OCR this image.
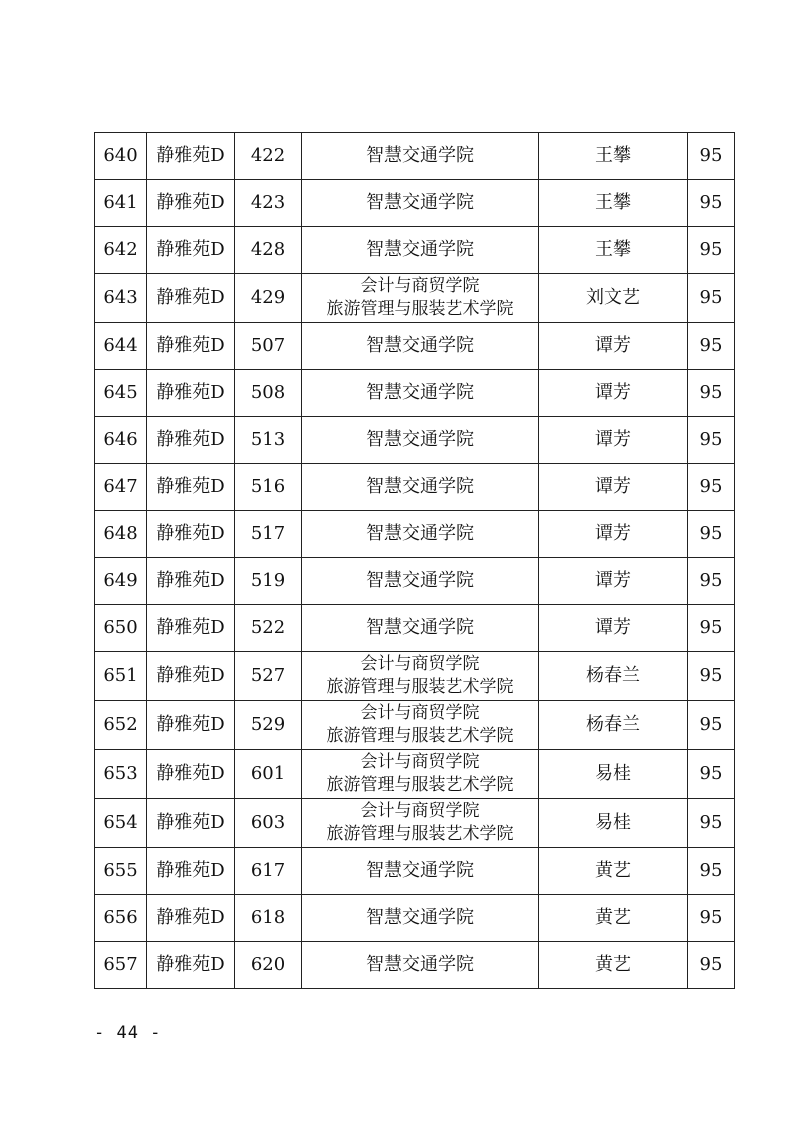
640	静雅苑D	422	智慧交通学院	王攀	95
641	静雅苑D	423	智慧交通学院	王攀	95
642	静雅苑D	428	智慧交通学院	王攀	95
643	静雅苑D	429	会计与商贸学院
旅游管理与服装艺术学院	刘文艺	95
644	静雅苑D	507	智慧交通学院	谭芳	95
645	静雅苑D	508	智慧交通学院	谭芳	95
646	静雅苑D	513	智慧交通学院	谭芳	95
647	静雅苑D	516	智慧交通学院	谭芳	95
648	静雅苑D	517	智慧交通学院	谭芳	95
649	静雅苑D	519	智慧交通学院	谭芳	95
650	静雅苑D	522	智慧交通学院	谭芳	95
651	静雅苑D	527	会计与商贸学院
旅游管理与服装艺术学院	杨春兰	95
652	静雅苑D	529	会计与商贸学院
旅游管理与服装艺术学院	杨春兰	95
653	静雅苑D	601	会计与商贸学院
旅游管理与服装艺术学院	易桂	95
654	静雅苑D	603	会计与商贸学院
旅游管理与服装艺术学院	易桂	95
655	静雅苑D	617	智慧交通学院	黄艺	95
656	静雅苑D	618	智慧交通学院	黄艺	95
657	静雅苑D	620	智慧交通学院	黄艺	95
- 44 -
